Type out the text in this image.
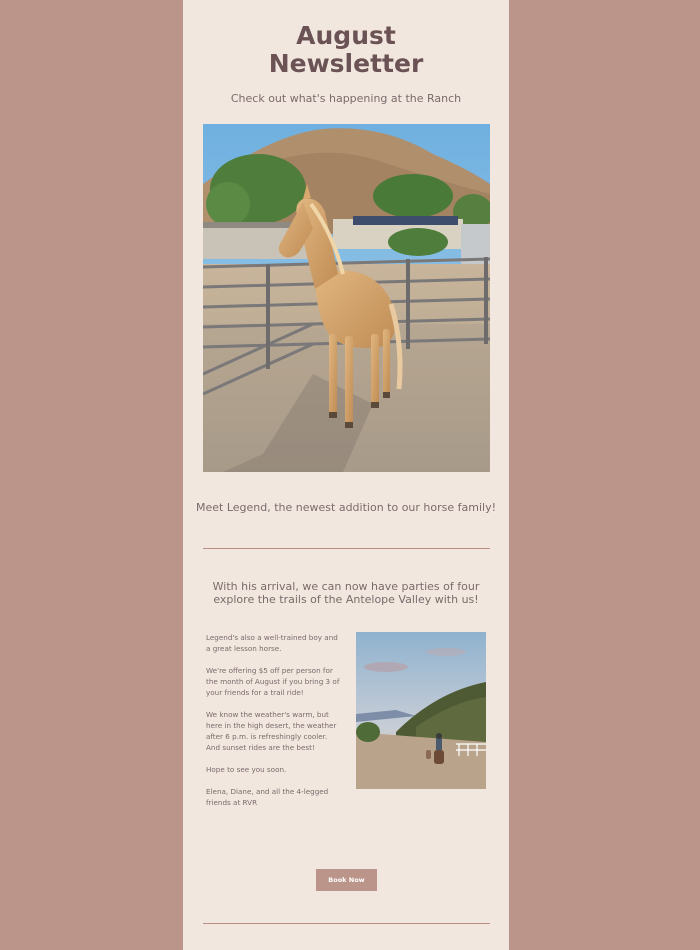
August
Newsletter

Check out what's happening at the Ranch

Meet Legend, the newest addition to our horse family!

With his arrival, we can now have parties of four explore the trails of the Antelope Valley with us!

Legend's also a well-trained boy and a great lesson horse.

We're offering $5 off per person for the month of August if you bring 3 of your friends for a trail ride!

We know the weather's warm, but here in the high desert, the weather after 6 p.m. is refreshingly cooler. And sunset rides are the best!

Hope to see you soon.

Elena, Diane, and all the 4-legged friends at RVR

Book Now
